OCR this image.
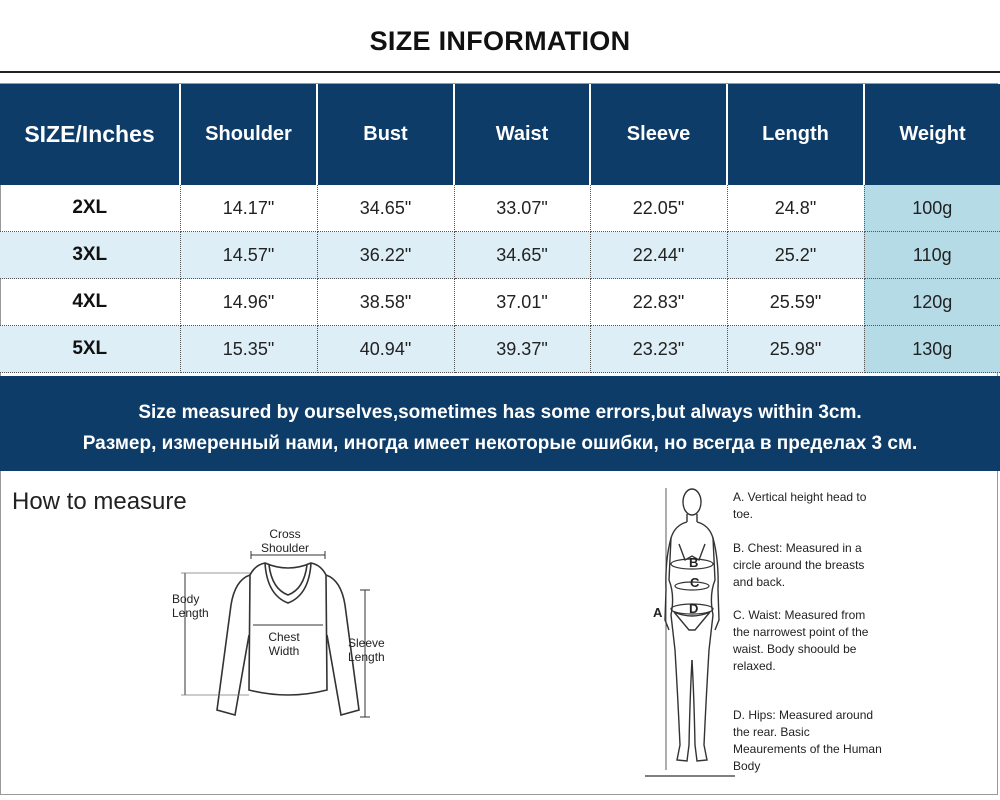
SIZE INFORMATION
SIZE/Inches	Shoulder	Bust	Waist	Sleeve	Length	Weight
2XL	14.17"	34.65"	33.07"	22.05"	24.8"	100g
3XL	14.57"	36.22"	34.65"	22.44"	25.2"	110g
4XL	14.96"	38.58"	37.01"	22.83"	25.59"	120g
5XL	15.35"	40.94"	39.37"	23.23"	25.98"	130g
Size measured by ourselves,sometimes has some errors,but always within 3cm.
Размер, измеренный нами, иногда имеет некоторые ошибки, но всегда в пределах 3 см.
How to measure
Cross Shoulder
Body Length
Chest Width
Sleeve Length
A
B
C
D
A. Vertical height head to toe.
B. Chest: Measured in a circle around the breasts and back.
C. Waist: Measured from the narrowest point of the waist. Body shoould be relaxed.
D. Hips: Measured around the rear. Basic Meaurements of the Human Body
